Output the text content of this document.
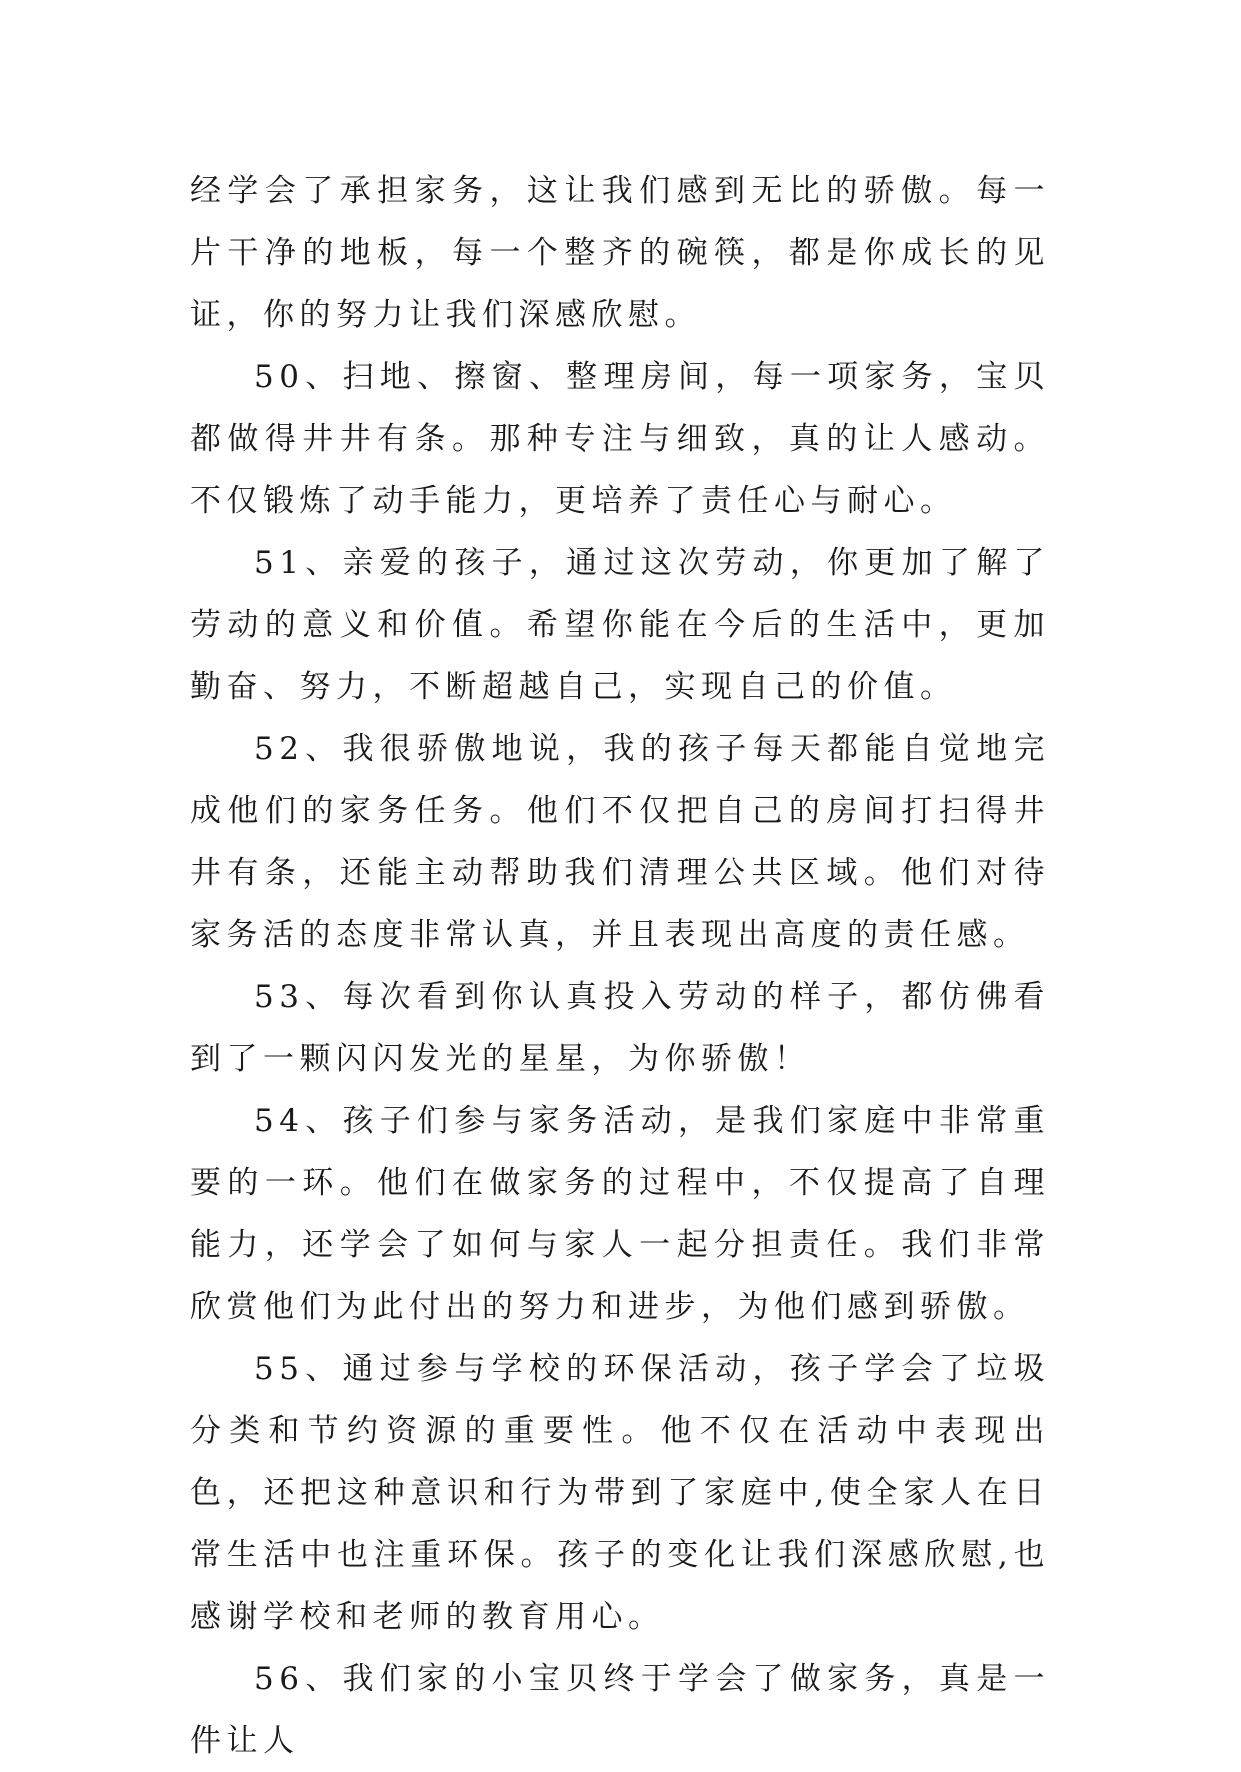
经学会了承担家务，这让我们感到无比的骄傲。每一片干净的地板，每一个整齐的碗筷，都是你成长的见证，你的努力让我们深感欣慰。

50、扫地、擦窗、整理房间，每一项家务，宝贝都做得井井有条。那种专注与细致，真的让人感动。不仅锻炼了动手能力，更培养了责任心与耐心。

51、亲爱的孩子，通过这次劳动，你更加了解了劳动的意义和价值。希望你能在今后的生活中，更加勤奋、努力，不断超越自己，实现自己的价值。

52、我很骄傲地说，我的孩子每天都能自觉地完成他们的家务任务。他们不仅把自己的房间打扫得井井有条，还能主动帮助我们清理公共区域。他们对待家务活的态度非常认真，并且表现出高度的责任感。

53、每次看到你认真投入劳动的样子，都仿佛看到了一颗闪闪发光的星星，为你骄傲！

54、孩子们参与家务活动，是我们家庭中非常重要的一环。他们在做家务的过程中，不仅提高了自理能力，还学会了如何与家人一起分担责任。我们非常欣赏他们为此付出的努力和进步，为他们感到骄傲。

55、通过参与学校的环保活动，孩子学会了垃圾分类和节约资源的重要性。他不仅在活动中表现出色，还把这种意识和行为带到了家庭中,使全家人在日常生活中也注重环保。孩子的变化让我们深感欣慰,也感谢学校和老师的教育用心。

56、我们家的小宝贝终于学会了做家务，真是一件让人
